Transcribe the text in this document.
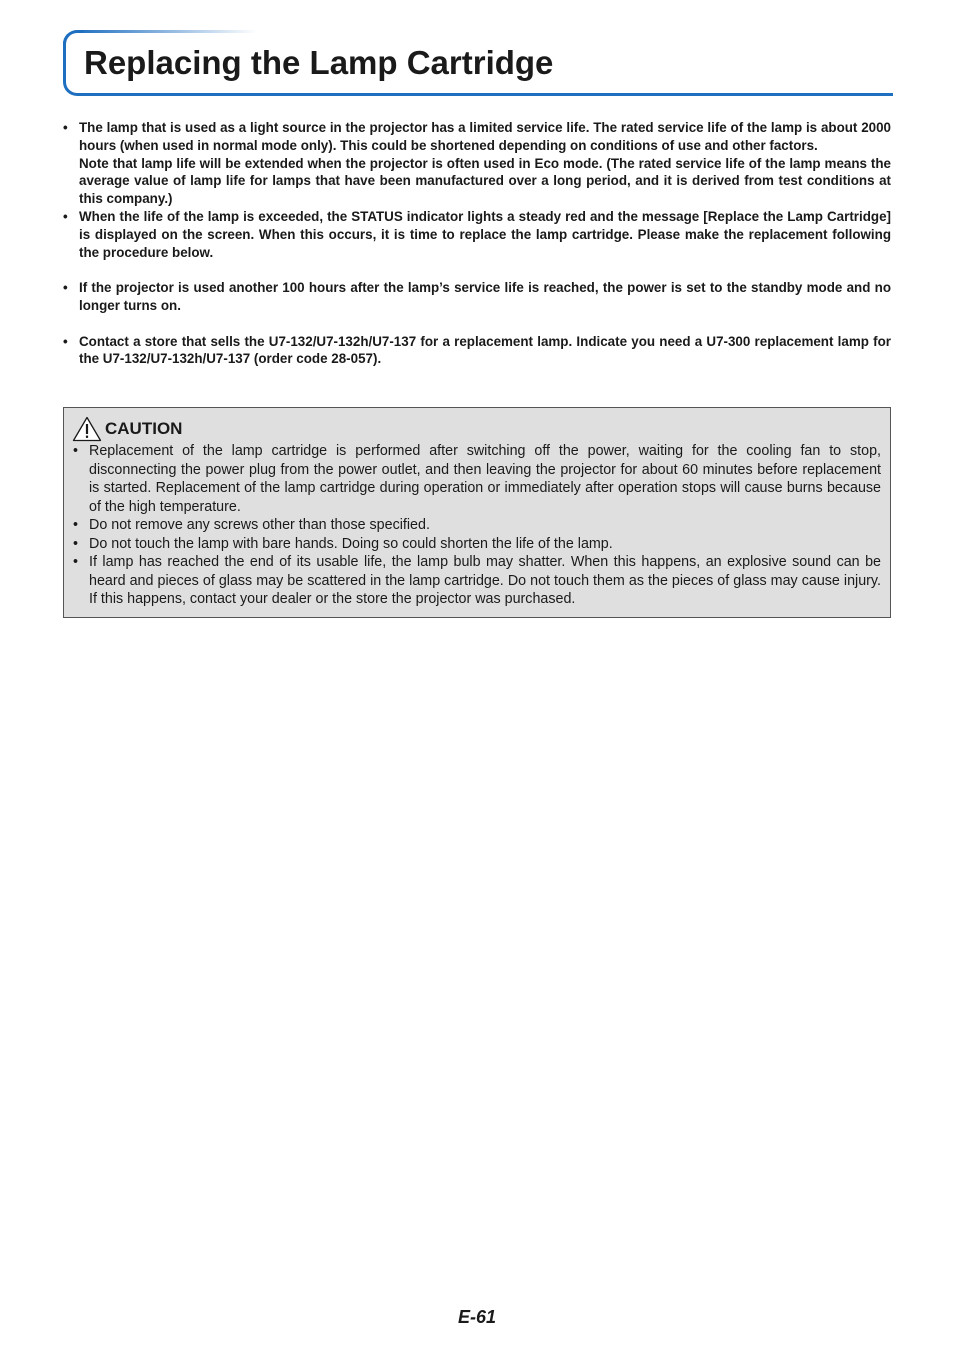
Replacing the Lamp Cartridge
• The lamp that is used as a light source in the projector has a limited service life. The rated service life of the lamp is about 2000 hours (when used in normal mode only). This could be shortened depending on conditions of use and other factors.

Note that lamp life will be extended when the projector is often used in Eco mode. (The rated service life of the lamp means the average value of lamp life for lamps that have been manufactured over a long period, and it is derived from test conditions at this company.)

• When the life of the lamp is exceeded, the STATUS indicator lights a steady red and the message [Replace the Lamp Cartridge] is displayed on the screen. When this occurs, it is time to replace the lamp cartridge. Please make the replacement following the procedure below.

• If the projector is used another 100 hours after the lamp’s service life is reached, the power is set to the standby mode and no longer turns on.

• Contact a store that sells the U7-132/U7-132h/U7-137 for a replacement lamp. Indicate you need a U7-300 replacement lamp for the U7-132/U7-132h/U7-137 (order code 28-057).

CAUTION
• Replacement of the lamp cartridge is performed after switching off the power, waiting for the cooling fan to stop, disconnecting the power plug from the power outlet, and then leaving the projector for about 60 minutes before replacement is started. Replacement of the lamp cartridge during operation or immediately after operation stops will cause burns because of the high temperature.
• Do not remove any screws other than those specified.
• Do not touch the lamp with bare hands. Doing so could shorten the life of the lamp.
• If lamp has reached the end of its usable life, the lamp bulb may shatter. When this happens, an explosive sound can be heard and pieces of glass may be scattered in the lamp cartridge. Do not touch them as the pieces of glass may cause injury. If this happens, contact your dealer or the store the projector was purchased.
E-61
